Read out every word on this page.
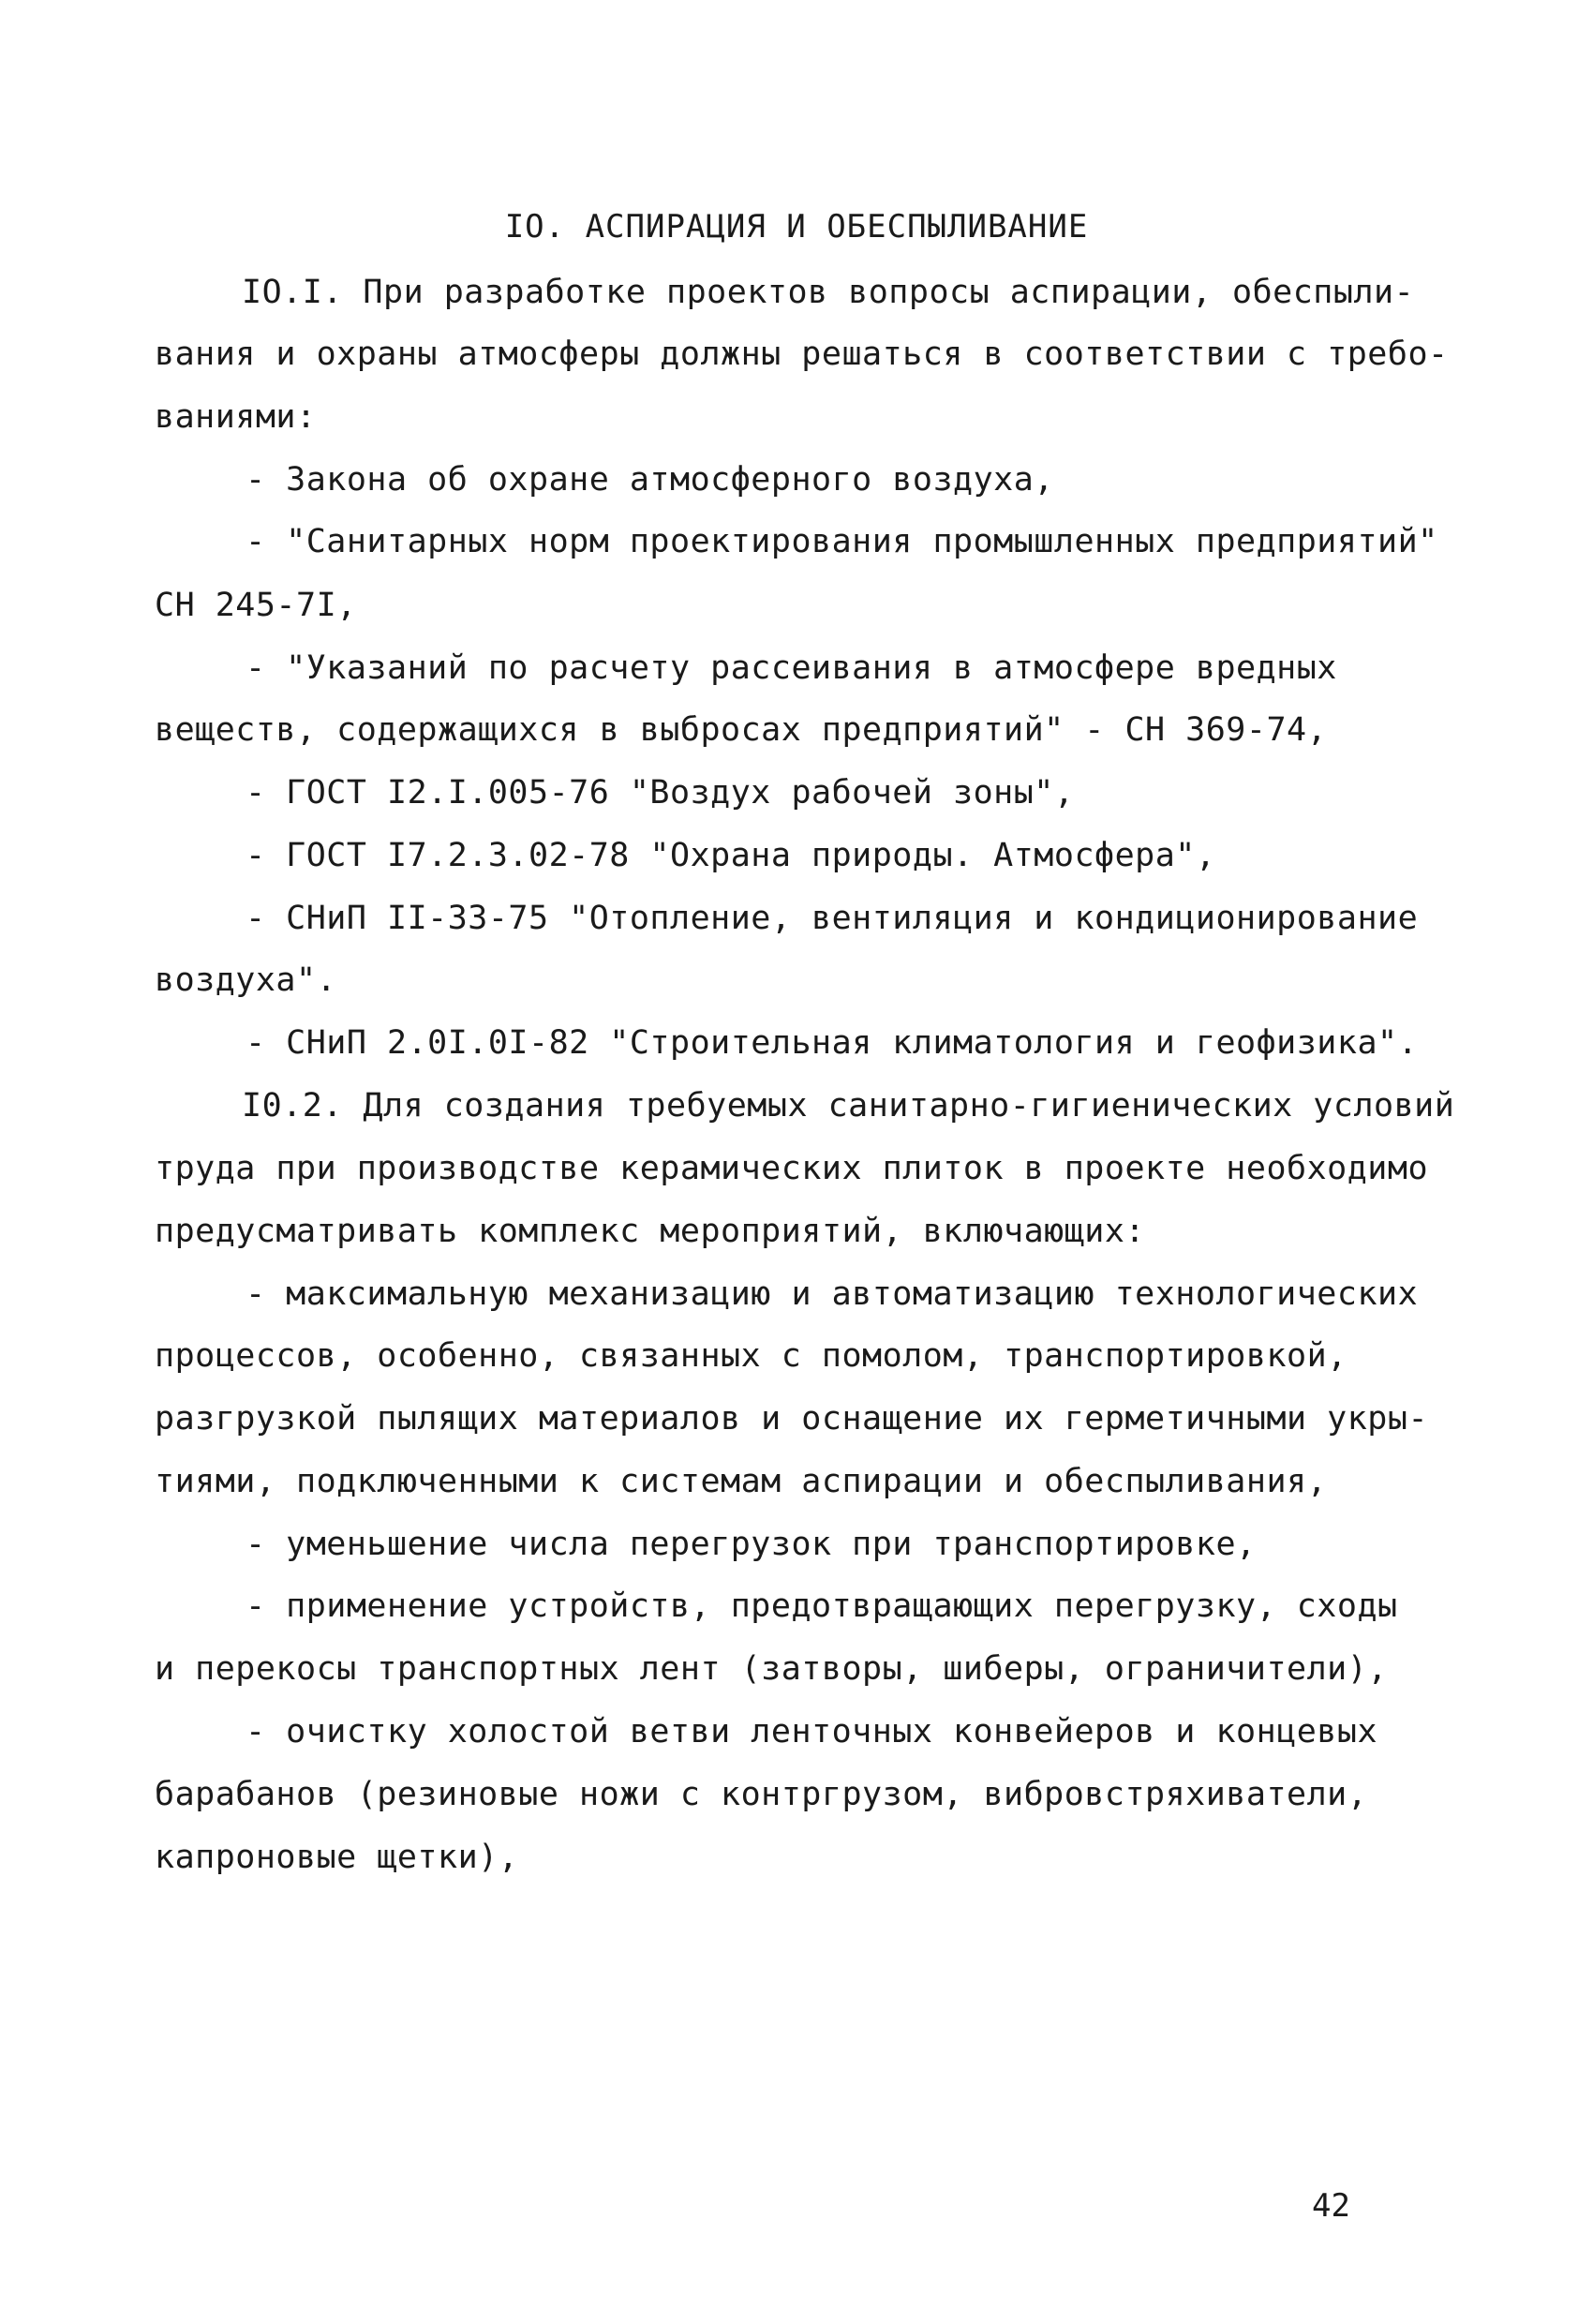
IO. АСПИРАЦИЯ И ОБЕСПЫЛИВАНИЕ
IO.I. При разработке проектов вопросы аспирации, обеспыли-
вания и охраны атмосферы должны решаться в соответствии с требо-
ваниями:
- Закона об охране атмосферного воздуха,
- "Санитарных норм проектирования промышленных предприятий"
СН 245-7I,
- "Указаний по расчету рассеивания в атмосфере вредных
веществ, содержащихся в выбросах предприятий" - СН 369-74,
- ГОСТ I2.I.005-76 "Воздух рабочей зоны",
- ГОСТ I7.2.3.02-78 "Охрана природы. Атмосфера",
- СНиП II-33-75 "Отопление, вентиляция и кондиционирование
воздуха".
- СНиП 2.0I.0I-82 "Строительная климатология и геофизика".
I0.2. Для создания требуемых санитарно-гигиенических условий
труда при производстве керамических плиток в проекте необходимо
предусматривать комплекс мероприятий, включающих:
- максимальную механизацию и автоматизацию технологических
процессов, особенно, связанных с помолом, транспортировкой,
разгрузкой пылящих материалов и оснащение их герметичными укры-
тиями, подключенными к системам аспирации и обеспыливания,
- уменьшение числа перегрузок при транспортировке,
- применение устройств, предотвращающих перегрузку, сходы
и перекосы транспортных лент (затворы, шиберы, ограничители),
- очистку холостой ветви ленточных конвейеров и концевых
барабанов (резиновые ножи с контргрузом, вибровстряхиватели,
капроновые щетки),
42
